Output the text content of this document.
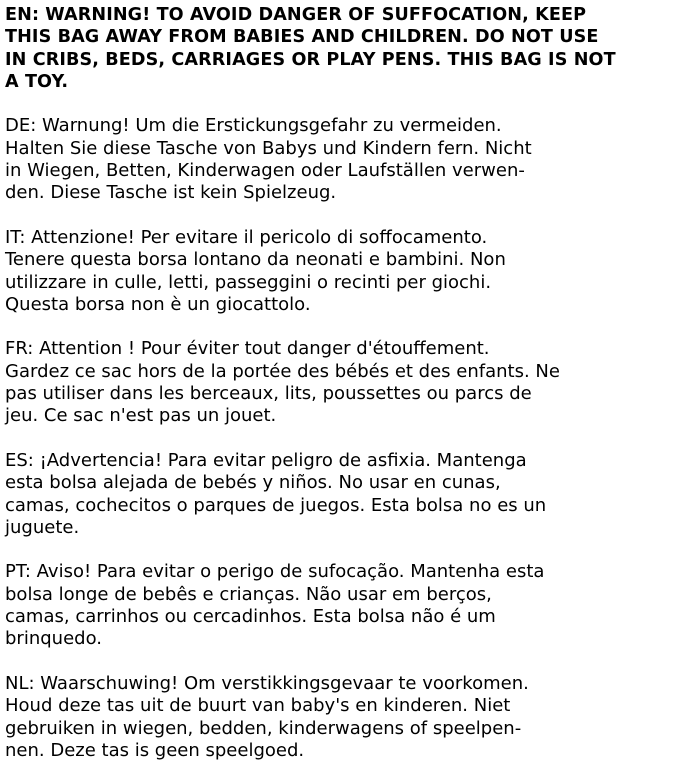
EN: WARNING! TO AVOID DANGER OF SUFFOCATION, KEEP
THIS BAG AWAY FROM BABIES AND CHILDREN. DO NOT USE
IN CRIBS, BEDS, CARRIAGES OR PLAY PENS. THIS BAG IS NOT
A TOY.
DE: Warnung! Um die Erstickungsgefahr zu vermeiden.
Halten Sie diese Tasche von Babys und Kindern fern. Nicht
in Wiegen, Betten, Kinderwagen oder Laufställen verwen-
den. Diese Tasche ist kein Spielzeug.
IT: Attenzione! Per evitare il pericolo di soffocamento.
Tenere questa borsa lontano da neonati e bambini. Non
utilizzare in culle, letti, passeggini o recinti per giochi.
Questa borsa non è un giocattolo.
FR: Attention ! Pour éviter tout danger d'étouffement.
Gardez ce sac hors de la portée des bébés et des enfants. Ne
pas utiliser dans les berceaux, lits, poussettes ou parcs de
jeu. Ce sac n'est pas un jouet.
ES: ¡Advertencia! Para evitar peligro de asfixia. Mantenga
esta bolsa alejada de bebés y niños. No usar en cunas,
camas, cochecitos o parques de juegos. Esta bolsa no es un
juguete.
PT: Aviso! Para evitar o perigo de sufocação. Mantenha esta
bolsa longe de bebês e crianças. Não usar em berços,
camas, carrinhos ou cercadinhos. Esta bolsa não é um
brinquedo.
NL: Waarschuwing! Om verstikkingsgevaar te voorkomen.
Houd deze tas uit de buurt van baby's en kinderen. Niet
gebruiken in wiegen, bedden, kinderwagens of speelpen-
nen. Deze tas is geen speelgoed.
